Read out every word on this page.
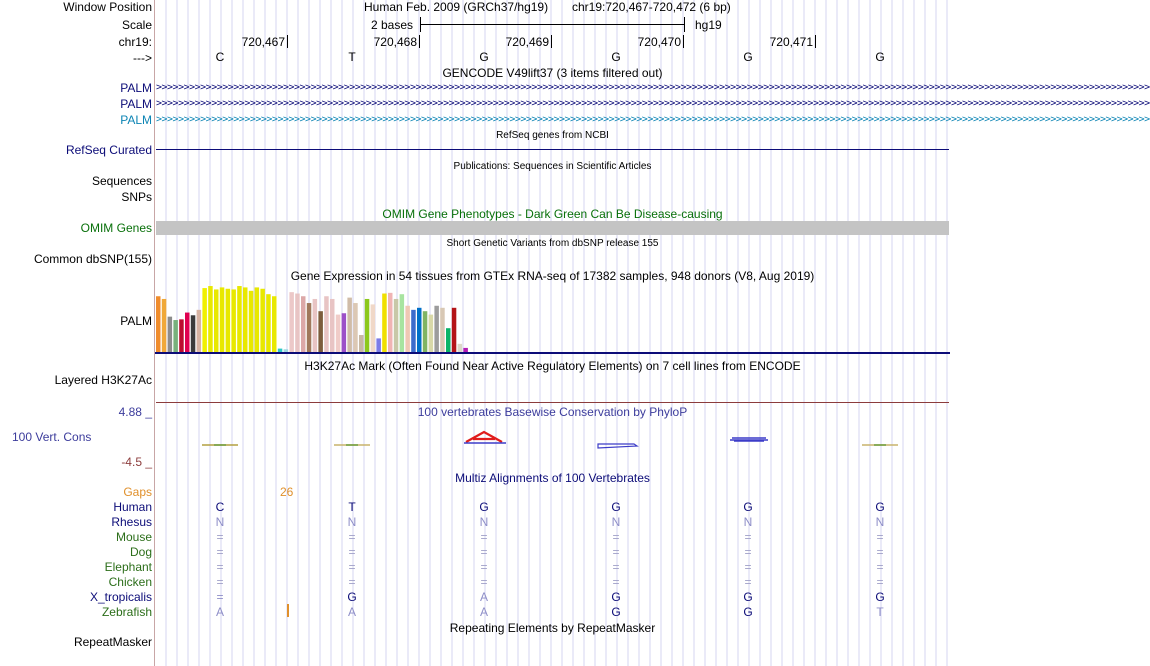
Window Position	Human Feb. 2009 (GRCh37/hg19) chr19:720,467-720,472 (6 bp)
Scale	2 bases	hg19
chr19:	720,467	720,468	720,469	720,470	720,471
--->	C	T	G	G	G	G
GENCODE V49lift37 (3 items filtered out)
PALM >>>>>>>>>>>>>>>>>>>>>>>>>>>>>>>>>>>>>>>>>>>>>>>>>>>>>>>>>>>>>>>>>>>>>>>>>>>>>>>>>>>>>>>>>>>>>>>>>>>>>>>>>>>>>>>>>>>>>>>>>>>>>>>>>>>>>>>>>>>>>>>>>>>>>>>>>>>>>>>>>>>>>>>>>>>>>>>>>>>>
PALM >>>>>>>>>>>>>>>>>>>>>>>>>>>>>>>>>>>>>>>>>>>>>>>>>>>>>>>>>>>>>>>>>>>>>>>>>>>>>>>>>>>>>>>>>>>>>>>>>>>>>>>>>>>>>>>>>>>>>>>>>>>>>>>>>>>>>>>>>>>>>>>>>>>>>>>>>>>>>>>>>>>>>>>>>>>>>>>>>>>>
PALM >>>>>>>>>>>>>>>>>>>>>>>>>>>>>>>>>>>>>>>>>>>>>>>>>>>>>>>>>>>>>>>>>>>>>>>>>>>>>>>>>>>>>>>>>>>>>>>>>>>>>>>>>>>>>>>>>>>>>>>>>>>>>>>>>>>>>>>>>>>>>>>>>>>>>>>>>>>>>>>>>>>>>>>>>>>>>>>>>>>>
RefSeq genes from NCBI
RefSeq Curated
Publications: Sequences in Scientific Articles
Sequences
SNPs
OMIM Gene Phenotypes - Dark Green Can Be Disease-causing
OMIM Genes
Short Genetic Variants from dbSNP release 155
Common dbSNP(155)
Gene Expression in 54 tissues from GTEx RNA-seq of 17382 samples, 948 donors (V8, Aug 2019)
PALM
H3K27Ac Mark (Often Found Near Active Regulatory Elements) on 7 cell lines from ENCODE
Layered H3K27Ac
100 vertebrates Basewise Conservation by PhyloP
4.88 _
100 Vert. Cons
-4.5 _
Multiz Alignments of 100 Vertebrates
Gaps	26
Human	C	T	G	G	G	G
Rhesus	N	N	N	N	N	N
Mouse	=	=	=	=	=	=
Dog	=	=	=	=	=	=
Elephant	=	=	=	=	=	=
Chicken	=	=	=	=	=	=
X_tropicalis	=	G	A	G	G	G
Zebrafish	A	A	A	G	G	T
Repeating Elements by RepeatMasker
RepeatMasker
